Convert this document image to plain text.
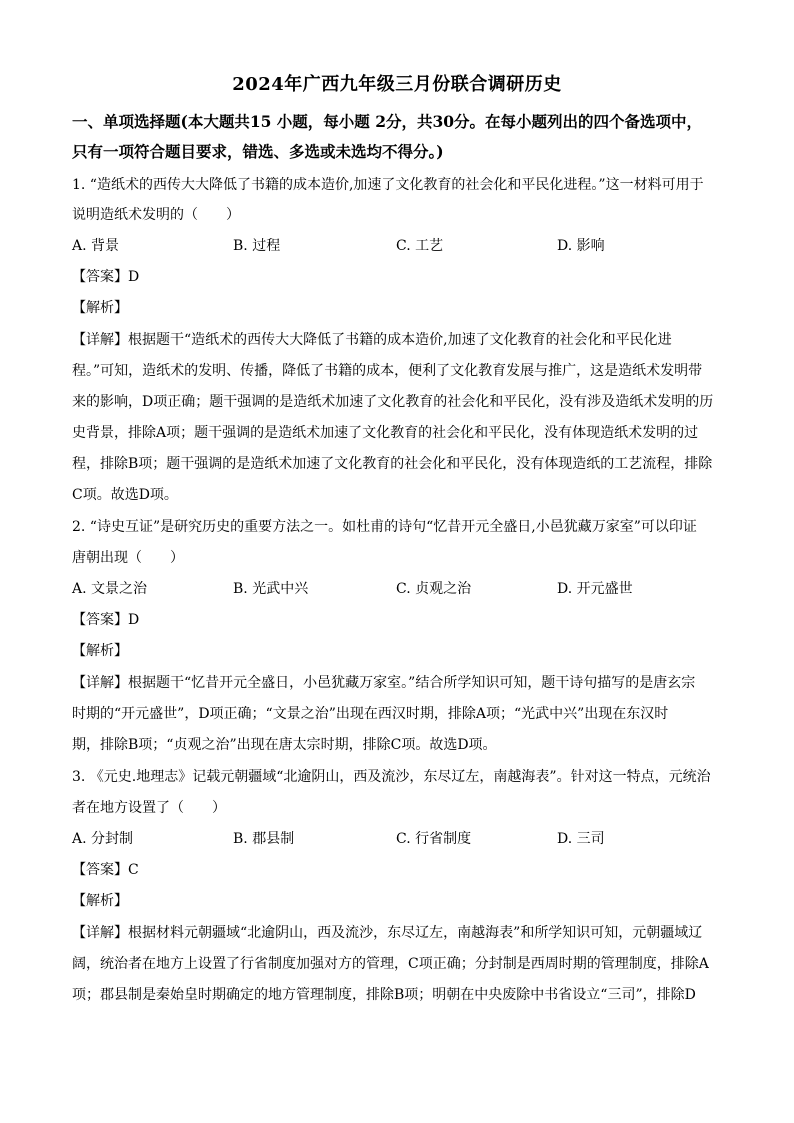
2024年广西九年级三月份联合调研历史
一、单项选择题(本大题共15 小题，每小题 2分，共30分。在每小题列出的四个备选项中，
只有一项符合题目要求，错选、多选或未选均不得分。)
1. “造纸术的西传大大降低了书籍的成本造价,加速了文化教育的社会化和平民化进程。”这一材料可用于
说明造纸术发明的（　　）
A. 背景	B. 过程	C. 工艺	D. 影响
【答案】D
【解析】
【详解】根据题干“造纸术的西传大大降低了书籍的成本造价,加速了文化教育的社会化和平民化进
程。”可知，造纸术的发明、传播，降低了书籍的成本，便利了文化教育发展与推广，这是造纸术发明带
来的影响，D项正确；题干强调的是造纸术加速了文化教育的社会化和平民化，没有涉及造纸术发明的历
史背景，排除A项；题干强调的是造纸术加速了文化教育的社会化和平民化，没有体现造纸术发明的过
程，排除B项；题干强调的是造纸术加速了文化教育的社会化和平民化，没有体现造纸的工艺流程，排除
C项。故选D项。
2. “诗史互证”是研究历史的重要方法之一。如杜甫的诗句“忆昔开元全盛日,小邑犹藏万家室”可以印证
唐朝出现（　　）
A. 文景之治	B. 光武中兴	C. 贞观之治	D. 开元盛世
【答案】D
【解析】
【详解】根据题干“忆昔开元全盛日，小邑犹藏万家室。”结合所学知识可知，题干诗句描写的是唐玄宗
时期的“开元盛世”，D项正确；“文景之治”出现在西汉时期，排除A项；“光武中兴”出现在东汉时
期，排除B项；“贞观之治”出现在唐太宗时期，排除C项。故选D项。
3. 《元史.地理志》记载元朝疆域“北逾阴山，西及流沙，东尽辽左，南越海表”。针对这一特点，元统治
者在地方设置了（　　）
A. 分封制	B. 郡县制	C. 行省制度	D. 三司
【答案】C
【解析】
【详解】根据材料元朝疆域“北逾阴山，西及流沙，东尽辽左，南越海表”和所学知识可知，元朝疆域辽
阔，统治者在地方上设置了行省制度加强对方的管理，C项正确；分封制是西周时期的管理制度，排除A
项；郡县制是秦始皇时期确定的地方管理制度，排除B项；明朝在中央废除中书省设立“三司”，排除D
